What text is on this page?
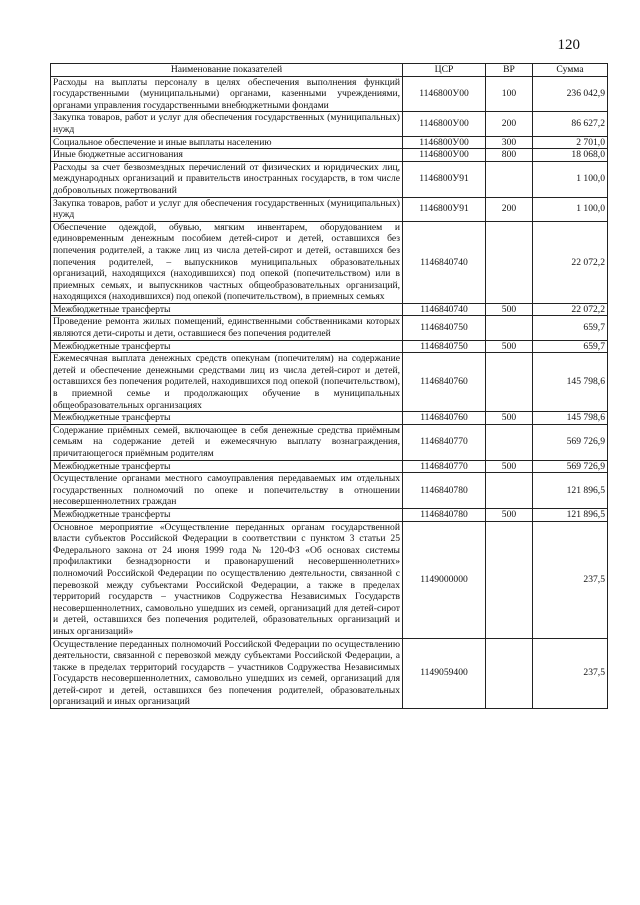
120
Наименование показателей	ЦСР	ВР	Сумма
Расходы на выплаты персоналу в целях обеспечения выполнения функций государственными (муниципальными) органами, казенными учреждениями, органами управления государственными внебюджетными фондами	1146800У00	100	236 042,9
Закупка товаров, работ и услуг для обеспечения государственных (муниципальных) нужд	1146800У00	200	86 627,2
Социальное обеспечение и иные выплаты населению	1146800У00	300	2 701,0
Иные бюджетные ассигнования	1146800У00	800	18 068,0
Расходы за счет безвозмездных перечислений от физических и юридических лиц, международных организаций и правительств иностранных государств, в том числе добровольных пожертвований	1146800У91		1 100,0
Закупка товаров, работ и услуг для обеспечения государственных (муниципальных) нужд	1146800У91	200	1 100,0
Обеспечение одеждой, обувью, мягким инвентарем, оборудованием и единовременным денежным пособием детей-сирот и детей, оставшихся без попечения родителей, а также лиц из числа детей-сирот и детей, оставшихся без попечения родителей, – выпускников муниципальных образовательных организаций, находящихся (находившихся) под опекой (попечительством) или в приемных семьях, и выпускников частных общеобразовательных организаций, находящихся (находившихся) под опекой (попечительством), в приемных семьях	1146840740		22 072,2
Межбюджетные трансферты	1146840740	500	22 072,2
Проведение ремонта жилых помещений, единственными собственниками которых являются дети-сироты и дети, оставшиеся без попечения родителей	1146840750		659,7
Межбюджетные трансферты	1146840750	500	659,7
Ежемесячная выплата денежных средств опекунам (попечителям) на содержание детей и обеспечение денежными средствами лиц из числа детей-сирот и детей, оставшихся без попечения родителей, находившихся под опекой (попечительством), в приемной семье и продолжающих обучение в муниципальных общеобразовательных организациях	1146840760		145 798,6
Межбюджетные трансферты	1146840760	500	145 798,6
Содержание приёмных семей, включающее в себя денежные средства приёмным семьям на содержание детей и ежемесячную выплату вознаграждения, причитающегося приёмным родителям	1146840770		569 726,9
Межбюджетные трансферты	1146840770	500	569 726,9
Осуществление органами местного самоуправления передаваемых им отдельных государственных полномочий по опеке и попечительству в отношении несовершеннолетних граждан	1146840780		121 896,5
Межбюджетные трансферты	1146840780	500	121 896,5
Основное мероприятие «Осуществление переданных органам государственной власти субъектов Российской Федерации в соответствии с пунктом 3 статьи 25 Федерального закона от 24 июня 1999 года № 120-ФЗ «Об основах системы профилактики безнадзорности и правонарушений несовершеннолетних» полномочий Российской Федерации по осуществлению деятельности, связанной с перевозкой между субъектами Российской Федерации, а также в пределах территорий государств – участников Содружества Независимых Государств несовершеннолетних, самовольно ушедших из семей, организаций для детей-сирот и детей, оставшихся без попечения родителей, образовательных организаций и иных организаций»	1149000000		237,5
Осуществление переданных полномочий Российской Федерации по осуществлению деятельности, связанной с перевозкой между субъектами Российской Федерации, а также в пределах территорий государств – участников Содружества Независимых Государств несовершеннолетних, самовольно ушедших из семей, организаций для детей-сирот и детей, оставшихся без попечения родителей, образовательных организаций и иных организаций	1149059400		237,5
